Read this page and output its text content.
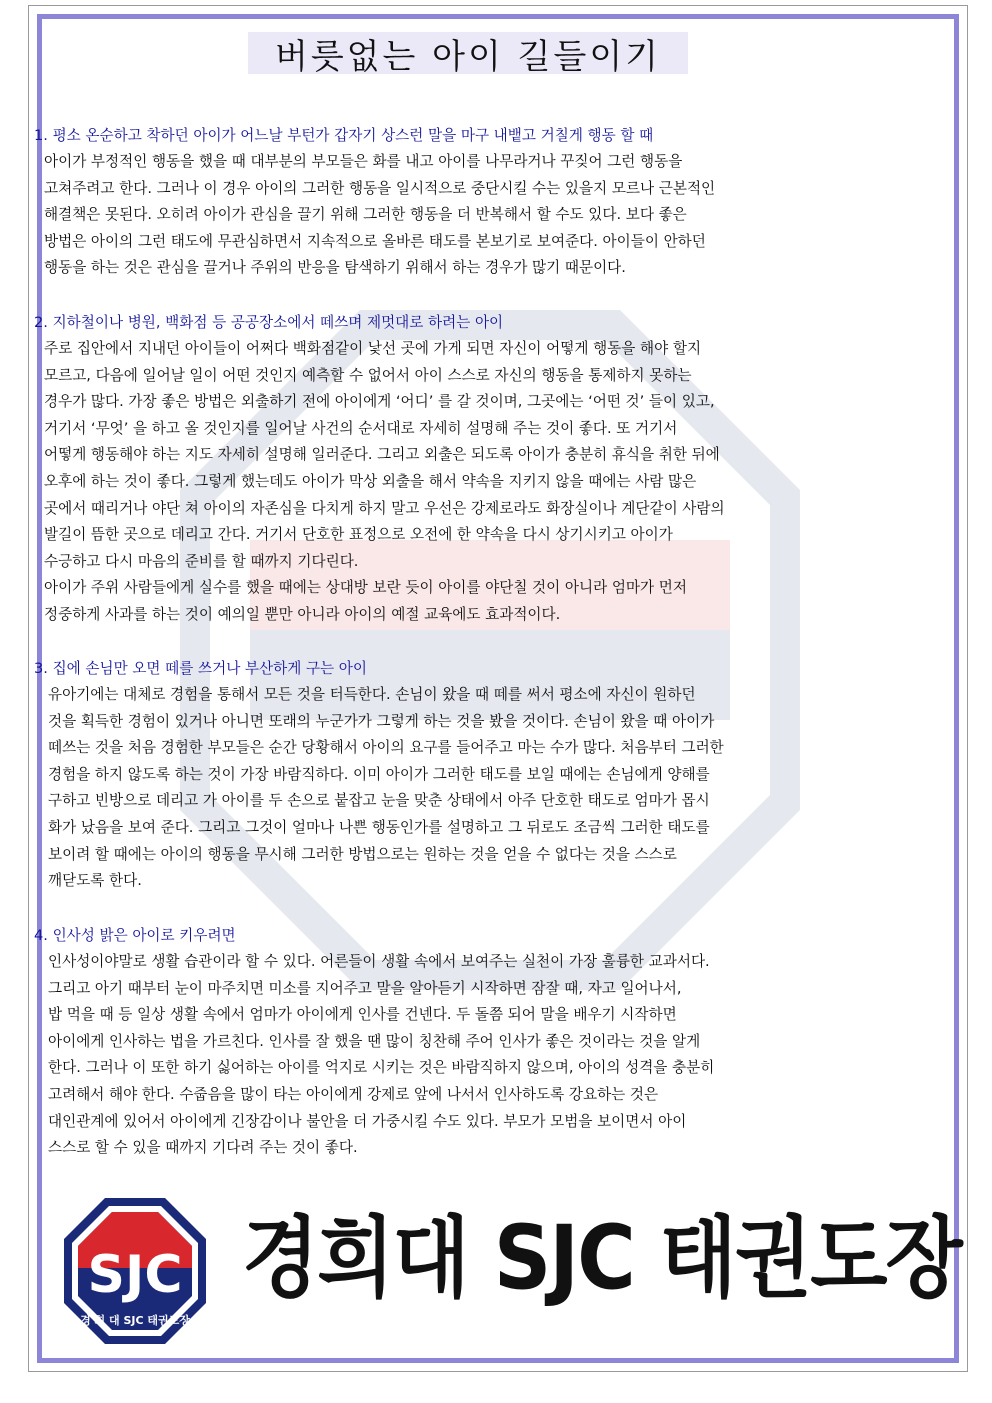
버릇없는 아이 길들이기
1. 평소 온순하고 착하던 아이가 어느날 부턴가 갑자기 상스런 말을 마구 내뱉고 거칠게 행동 할 때

아이가 부정적인 행동을 했을 때 대부분의 부모들은 화를 내고 아이를 나무라거나 꾸짖어 그런 행동을
고쳐주려고 한다. 그러나 이 경우 아이의 그러한 행동을 일시적으로 중단시킬 수는 있을지 모르나 근본적인
해결책은 못된다. 오히려 아이가 관심을 끌기 위해 그러한 행동을 더 반복해서 할 수도 있다. 보다 좋은
방법은 아이의 그런 태도에 무관심하면서 지속적으로 올바른 태도를 본보기로 보여준다. 아이들이 안하던
행동을 하는 것은 관심을 끌거나 주위의 반응을 탐색하기 위해서 하는 경우가 많기 때문이다.

2. 지하철이나 병원, 백화점 등 공공장소에서 떼쓰며 제멋대로 하려는 아이

주로 집안에서 지내던 아이들이 어쩌다 백화점같이 낯선 곳에 가게 되면 자신이 어떻게 행동을 해야 할지
모르고, 다음에 일어날 일이 어떤 것인지 예측할 수 없어서 아이 스스로 자신의 행동을 통제하지 못하는
경우가 많다. 가장 좋은 방법은 외출하기 전에 아이에게 ‘어디’ 를 갈 것이며, 그곳에는 ‘어떤 것’ 들이 있고,
거기서 ‘무엇’ 을 하고 올 것인지를 일어날 사건의 순서대로 자세히 설명해 주는 것이 좋다. 또 거기서
어떻게 행동해야 하는 지도 자세히 설명해 일러준다. 그리고 외출은 되도록 아이가 충분히 휴식을 취한 뒤에
오후에 하는 것이 좋다. 그렇게 했는데도 아이가 막상 외출을 해서 약속을 지키지 않을 때에는 사람 많은
곳에서 때리거나 야단 쳐 아이의 자존심을 다치게 하지 말고 우선은 강제로라도 화장실이나 계단같이 사람의
발길이 뜸한 곳으로 데리고 간다. 거기서 단호한 표정으로 오전에 한 약속을 다시 상기시키고 아이가
수긍하고 다시 마음의 준비를 할 때까지 기다린다.
아이가 주위 사람들에게 실수를 했을 때에는 상대방 보란 듯이 아이를 야단칠 것이 아니라 엄마가 먼저
정중하게 사과를 하는 것이 예의일 뿐만 아니라 아이의 예절 교육에도 효과적이다.

3. 집에 손님만 오면 떼를 쓰거나 부산하게 구는 아이

유아기에는 대체로 경험을 통해서 모든 것을 터득한다. 손님이 왔을 때 떼를 써서 평소에 자신이 원하던
것을 획득한 경험이 있거나 아니면 또래의 누군가가 그렇게 하는 것을 봤을 것이다. 손님이 왔을 때 아이가
떼쓰는 것을 처음 경험한 부모들은 순간 당황해서 아이의 요구를 들어주고 마는 수가 많다. 처음부터 그러한
경험을 하지 않도록 하는 것이 가장 바람직하다. 이미 아이가 그러한 태도를 보일 때에는 손님에게 양해를
구하고 빈방으로 데리고 가 아이를 두 손으로 붙잡고 눈을 맞춘 상태에서 아주 단호한 태도로 엄마가 몹시
화가 났음을 보여 준다. 그리고 그것이 얼마나 나쁜 행동인가를 설명하고 그 뒤로도 조금씩 그러한 태도를
보이려 할 때에는 아이의 행동을 무시해 그러한 방법으로는 원하는 것을 얻을 수 없다는 것을 스스로
깨닫도록 한다.

4. 인사성 밝은 아이로 키우려면

인사성이야말로 생활 습관이라 할 수 있다. 어른들이 생활 속에서 보여주는 실천이 가장 훌륭한 교과서다.
그리고 아기 때부터 눈이 마주치면 미소를 지어주고 말을 알아듣기 시작하면 잠잘 때, 자고 일어나서,
밥 먹을 때 등 일상 생활 속에서 엄마가 아이에게 인사를 건넨다. 두 돌쯤 되어 말을 배우기 시작하면
아이에게 인사하는 법을 가르친다. 인사를 잘 했을 땐 많이 칭찬해 주어 인사가 좋은 것이라는 것을 알게
한다. 그러나 이 또한 하기 싫어하는 아이를 억지로 시키는 것은 바람직하지 않으며, 아이의 성격을 충분히
고려해서 해야 한다. 수줍음을 많이 타는 아이에게 강제로 앞에 나서서 인사하도록 강요하는 것은
대인관계에 있어서 아이에게 긴장감이나 불안을 더 가중시킬 수도 있다. 부모가 모범을 보이면서 아이
스스로 할 수 있을 때까지 기다려 주는 것이 좋다.

SJC
경 희 대 SJC 태권도장
경희대 SJC 태권도장
